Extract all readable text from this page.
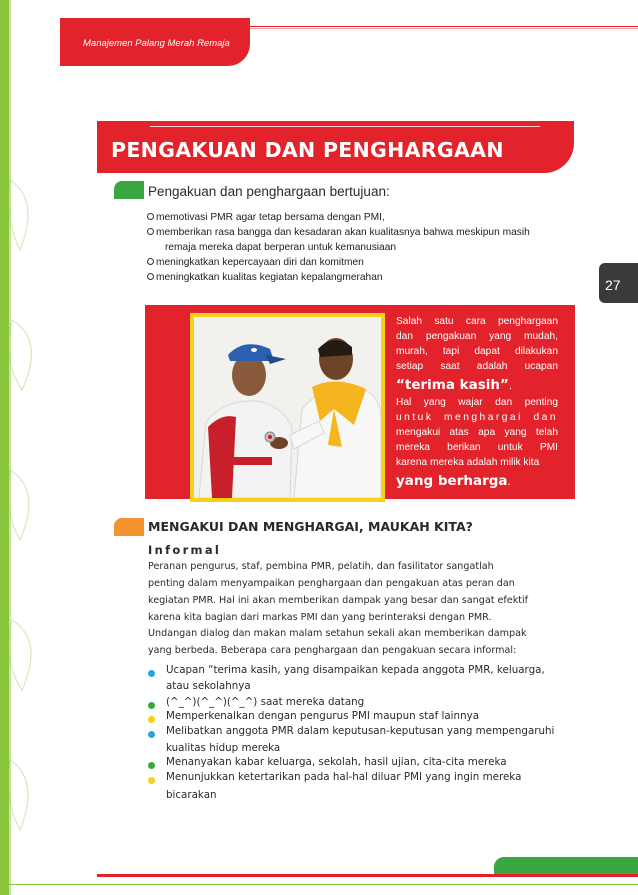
Manajemen Palang Merah Remaja
PENGAKUAN DAN PENGHARGAAN
27
Pengakuan dan penghargaan bertujuan:
memotivasi PMR agar tetap bersama dengan PMI,
memberikan rasa bangga dan kesadaran akan kualitasnya bahwa meskipun masih
remaja mereka dapat berperan untuk kemanusiaan
meningkatkan kepercayaan diri dan komitmen
meningkatkan kualitas kegiatan kepalangmerahan
Salah satu cara penghargaan
dan pengakuan yang mudah,
murah, tapi dapat dilakukan
setiap saat adalah ucapan
“terima kasih”.
Hal yang wajar dan penting
untuk menghargai dan
mengakui atas apa yang telah
mereka berikan untuk PMI
karena mereka adalah milik kita
yang berharga.
MENGAKUI DAN MENGHARGAI, MAUKAH KITA?
Informal
Peranan pengurus, staf, pembina PMR, pelatih, dan fasilitator sangatlah
penting dalam menyampaikan penghargaan dan pengakuan atas peran dan
kegiatan PMR. Hal ini akan memberikan dampak yang besar dan sangat efektif
karena kita bagian dari markas PMI dan yang berinteraksi dengan PMR.
Undangan dialog dan makan malam setahun sekali akan memberikan dampak
yang berbeda. Beberapa cara penghargaan dan pengakuan secara informal:
Ucapan “terima kasih, yang disampaikan kepada anggota PMR, keluarga,
atau sekolahnya
(^_^)(^_^)(^_^) saat mereka datang
Memperkenalkan dengan pengurus PMI maupun staf lainnya
Melibatkan anggota PMR dalam keputusan-keputusan yang mempengaruhi
kualitas hidup mereka
Menanyakan kabar keluarga, sekolah, hasil ujian, cita-cita mereka
Menunjukkan ketertarikan pada hal-hal diluar PMI yang ingin mereka
bicarakan
